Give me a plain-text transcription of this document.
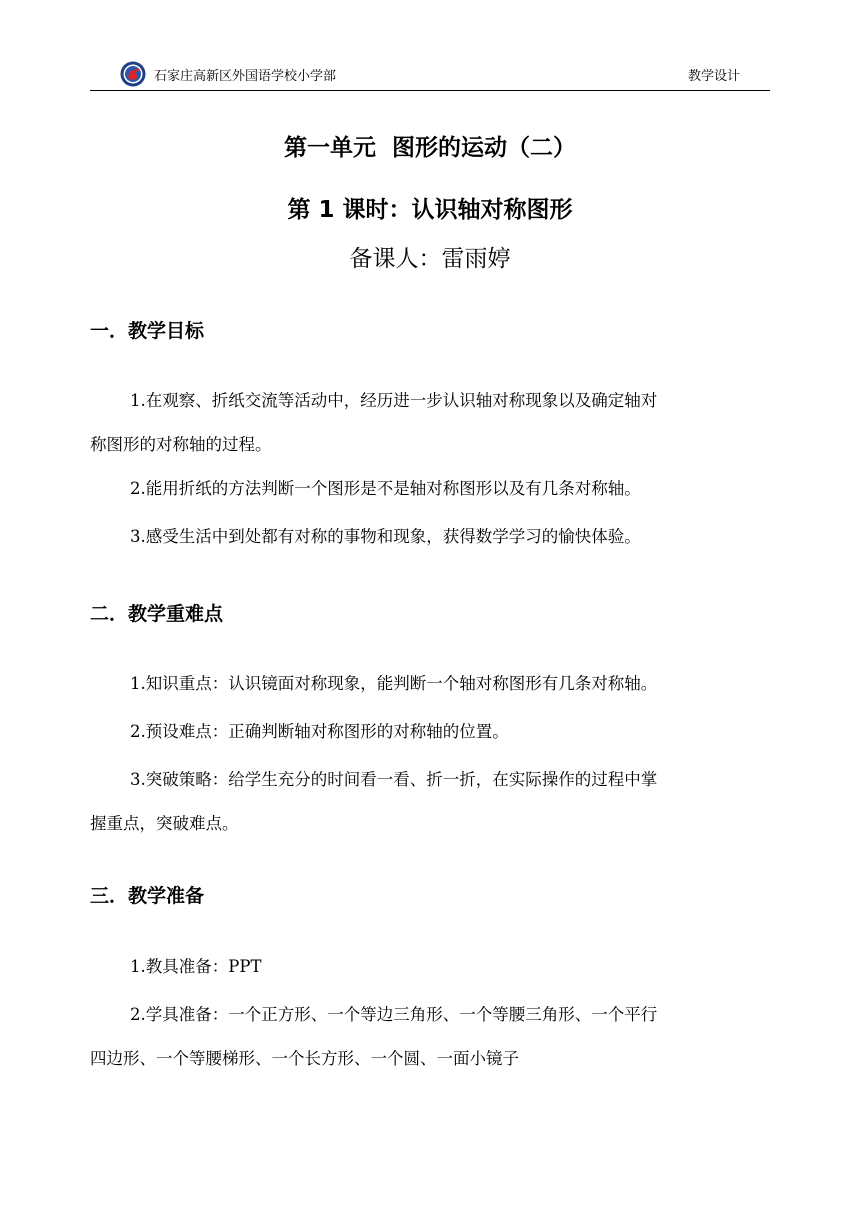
石家庄高新区外国语学校小学部	教学设计
第一单元  图形的运动（二）
第 1 课时：认识轴对称图形
备课人：雷雨婷
一．教学目标
1.在观察、折纸交流等活动中，经历进一步认识轴对称现象以及确定轴对
称图形的对称轴的过程。
2.能用折纸的方法判断一个图形是不是轴对称图形以及有几条对称轴。
3.感受生活中到处都有对称的事物和现象，获得数学学习的愉快体验。
二．教学重难点
1.知识重点：认识镜面对称现象，能判断一个轴对称图形有几条对称轴。
2.预设难点：正确判断轴对称图形的对称轴的位置。
3.突破策略：给学生充分的时间看一看、折一折，在实际操作的过程中掌
握重点，突破难点。
三．教学准备
1.教具准备：PPT
2.学具准备：一个正方形、一个等边三角形、一个等腰三角形、一个平行
四边形、一个等腰梯形、一个长方形、一个圆、一面小镜子
